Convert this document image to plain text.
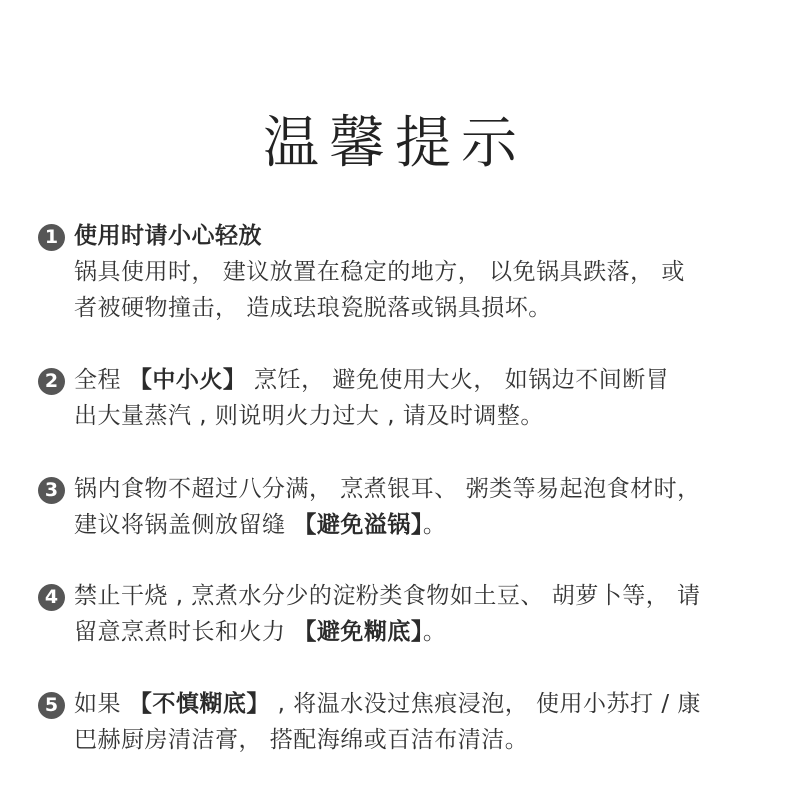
温馨提示
1 使用时请小心轻放
锅具使用时， 建议放置在稳定的地方， 以免锅具跌落， 或
者被硬物撞击， 造成珐琅瓷脱落或锅具损坏。
2 全程 【中小火】 烹饪， 避免使用大火， 如锅边不间断冒
出大量蒸汽 , 则说明火力过大 , 请及时调整。
3 锅内食物不超过八分满， 烹煮银耳、 粥类等易起泡食材时，
建议将锅盖侧放留缝 【避免溢锅】。
4 禁止干烧 , 烹煮水分少的淀粉类食物如土豆、 胡萝卜等， 请
留意烹煮时长和火力 【避免糊底】。
5 如果 【不慎糊底】 , 将温水没过焦痕浸泡， 使用小苏打 / 康
巴赫厨房清洁膏， 搭配海绵或百洁布清洁。
